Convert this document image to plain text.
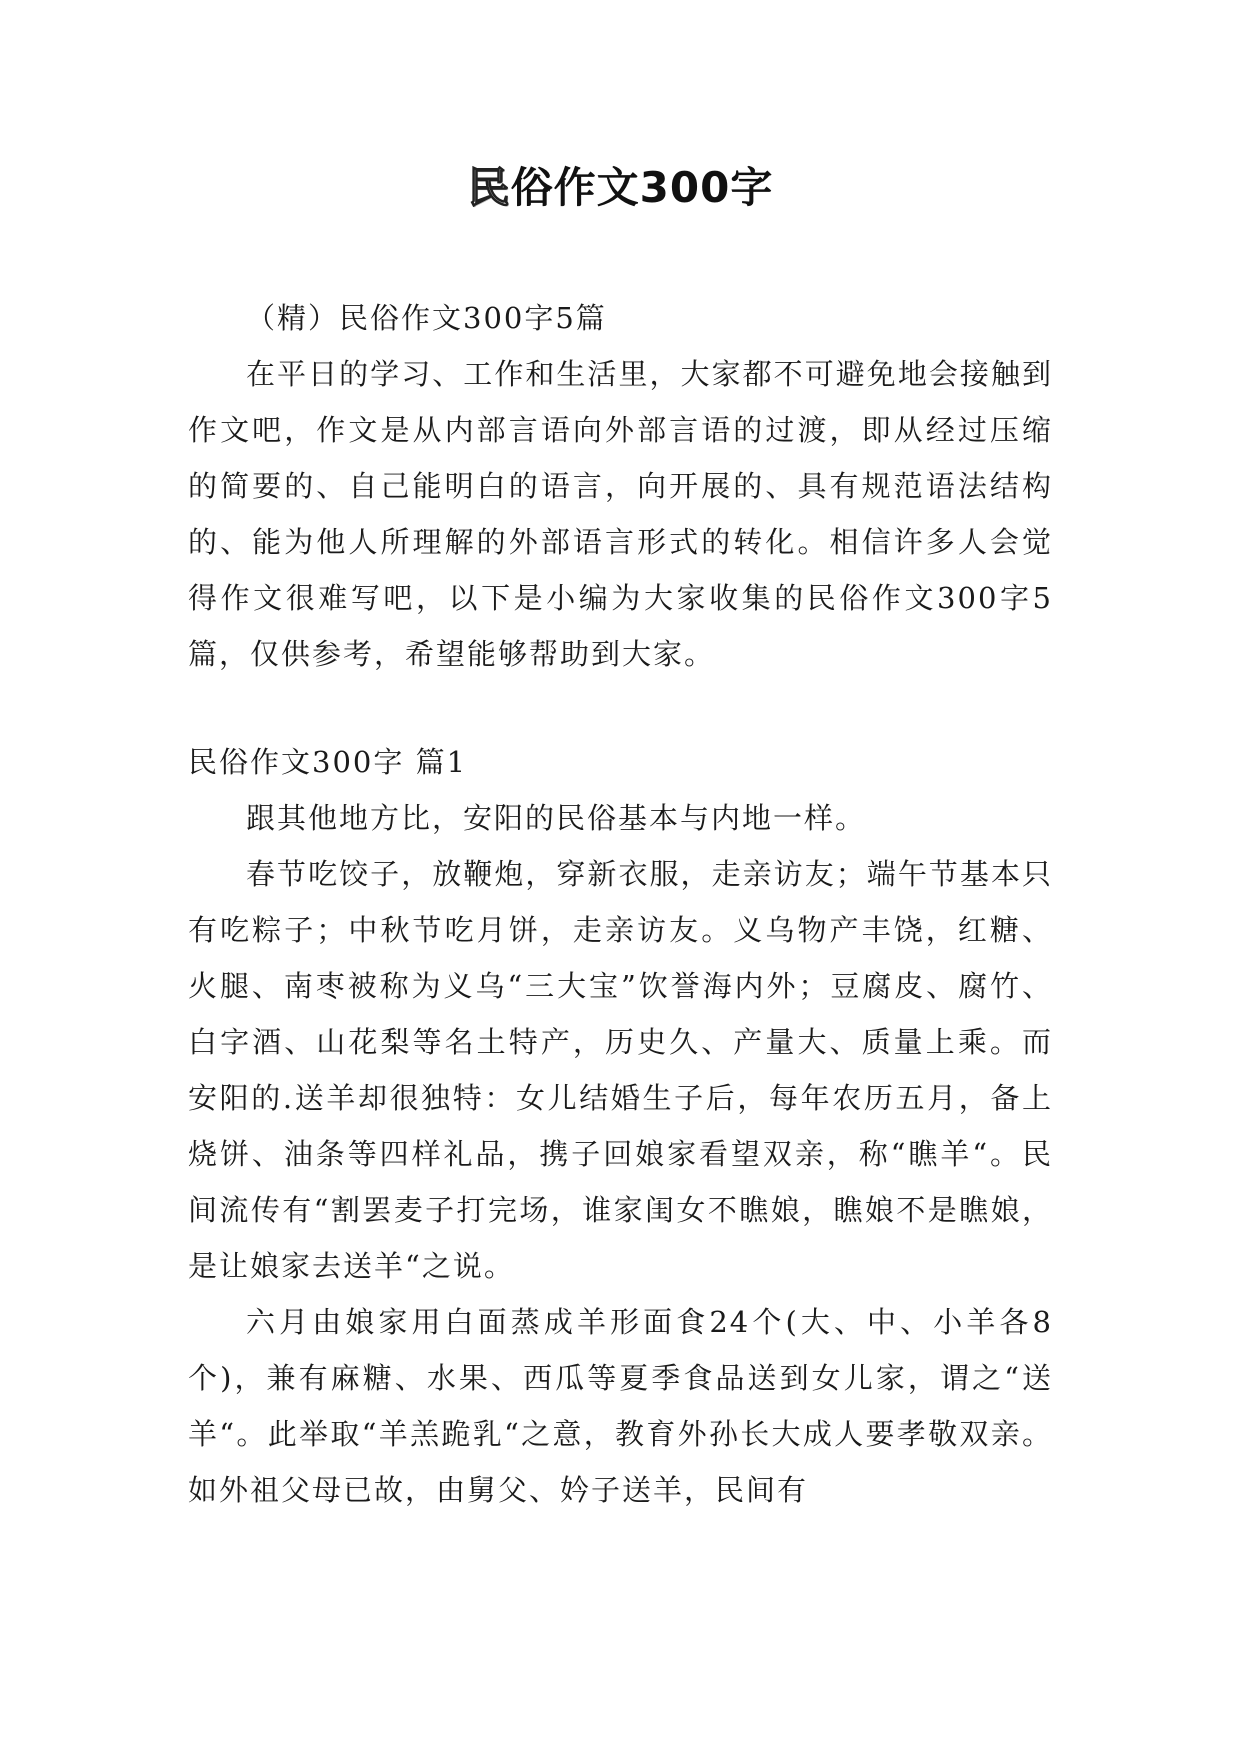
民俗作文300字

（精）民俗作文300字5篇

在平日的学习、工作和生活里，大家都不可避免地会接触到作文吧，作文是从内部言语向外部言语的过渡，即从经过压缩的简要的、自己能明白的语言，向开展的、具有规范语法结构的、能为他人所理解的外部语言形式的转化。相信许多人会觉得作文很难写吧，以下是小编为大家收集的民俗作文300字5篇，仅供参考，希望能够帮助到大家。

民俗作文300字 篇1

跟其他地方比，安阳的民俗基本与内地一样。

春节吃饺子，放鞭炮，穿新衣服，走亲访友；端午节基本只有吃粽子；中秋节吃月饼，走亲访友。义乌物产丰饶，红糖、火腿、南枣被称为义乌“三大宝”饮誉海内外；豆腐皮、腐竹、白字酒、山花梨等名土特产，历史久、产量大、质量上乘。而安阳的.送羊却很独特：女儿结婚生子后，每年农历五月，备上烧饼、油条等四样礼品，携子回娘家看望双亲，称“瞧羊“。民间流传有“割罢麦子打完场，谁家闺女不瞧娘，瞧娘不是瞧娘，是让娘家去送羊“之说。

六月由娘家用白面蒸成羊形面食24个(大、中、小羊各8个)，兼有麻糖、水果、西瓜等夏季食品送到女儿家，谓之“送羊“。此举取“羊羔跪乳“之意，教育外孙长大成人要孝敬双亲。如外祖父母已故，由舅父、妗子送羊，民间有
